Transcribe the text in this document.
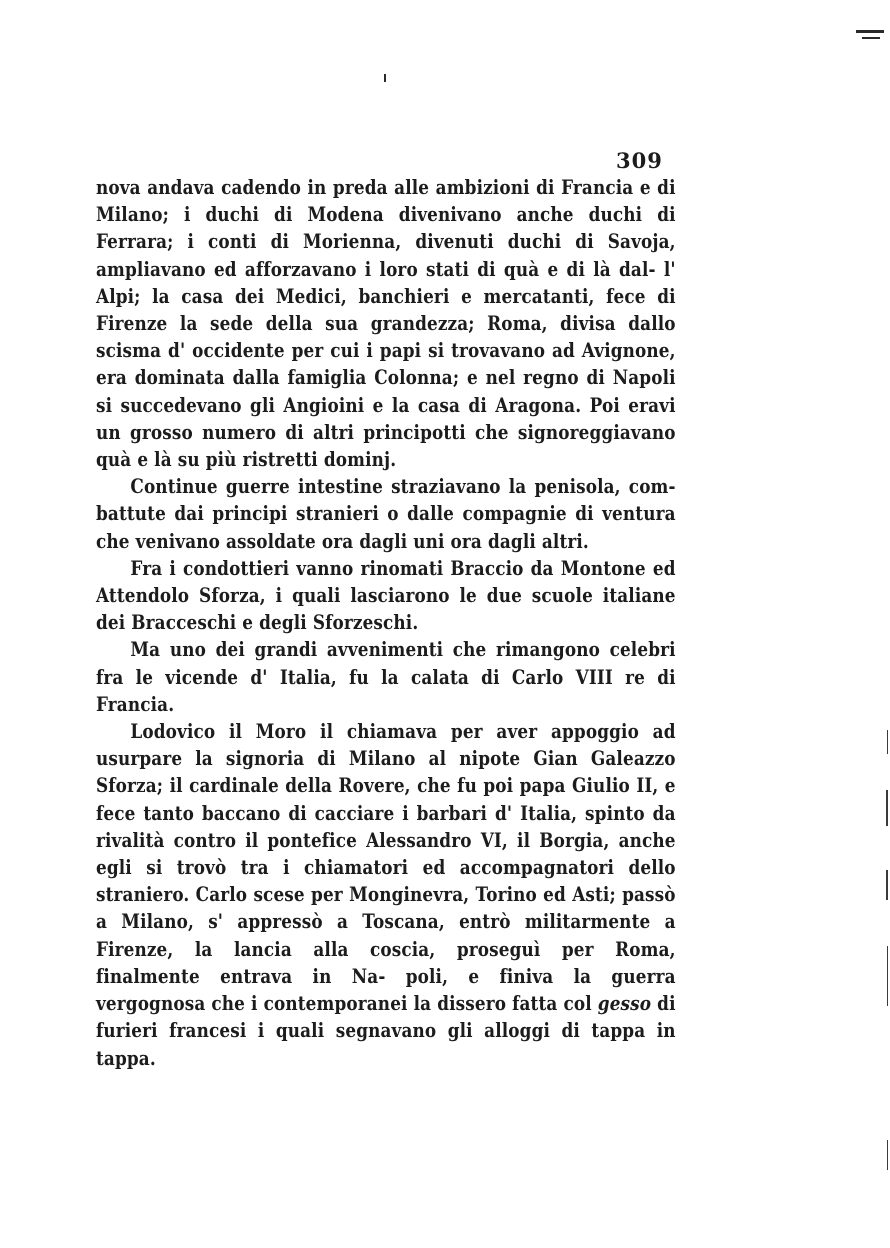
309

nova andava cadendo in preda alle ambizioni di Francia e di Milano; i duchi di Modena divenivano anche duchi di Ferrara; i conti di Morienna, divenuti duchi di Savoja, ampliavano ed afforzavano i loro stati di quà e di là dal- l' Alpi; la casa dei Medici, banchieri e mercatanti, fece di Firenze la sede della sua grandezza; Roma, divisa dallo scisma d' occidente per cui i papi si trovavano ad Avignone, era dominata dalla famiglia Colonna; e nel regno di Napoli si succedevano gli Angioini e la casa di Aragona. Poi eravi un grosso numero di altri principotti che signoreggiavano quà e là su più ristretti dominj.

Continue guerre intestine straziavano la penisola, com- battute dai principi stranieri o dalle compagnie di ventura che venivano assoldate ora dagli uni ora dagli altri.

Fra i condottieri vanno rinomati Braccio da Montone ed Attendolo Sforza, i quali lasciarono le due scuole italiane dei Bracceschi e degli Sforzeschi.

Ma uno dei grandi avvenimenti che rimangono celebri fra le vicende d' Italia, fu la calata di Carlo VIII re di Francia.

Lodovico il Moro il chiamava per aver appoggio ad usurpare la signoria di Milano al nipote Gian Galeazzo Sforza; il cardinale della Rovere, che fu poi papa Giulio II, e fece tanto baccano di cacciare i barbari d' Italia, spinto da rivalità contro il pontefice Alessandro VI, il Borgia, anche egli si trovò tra i chiamatori ed accompagnatori dello straniero. Carlo scese per Monginevra, Torino ed Asti; passò a Milano, s' appressò a Toscana, entrò militarmente a Firenze, la lancia alla coscia, proseguì per Roma, finalmente entrava in Na- poli, e finiva la guerra vergognosa che i contemporanei la dissero fatta col gesso di furieri francesi i quali segnavano gli alloggi di tappa in tappa.
